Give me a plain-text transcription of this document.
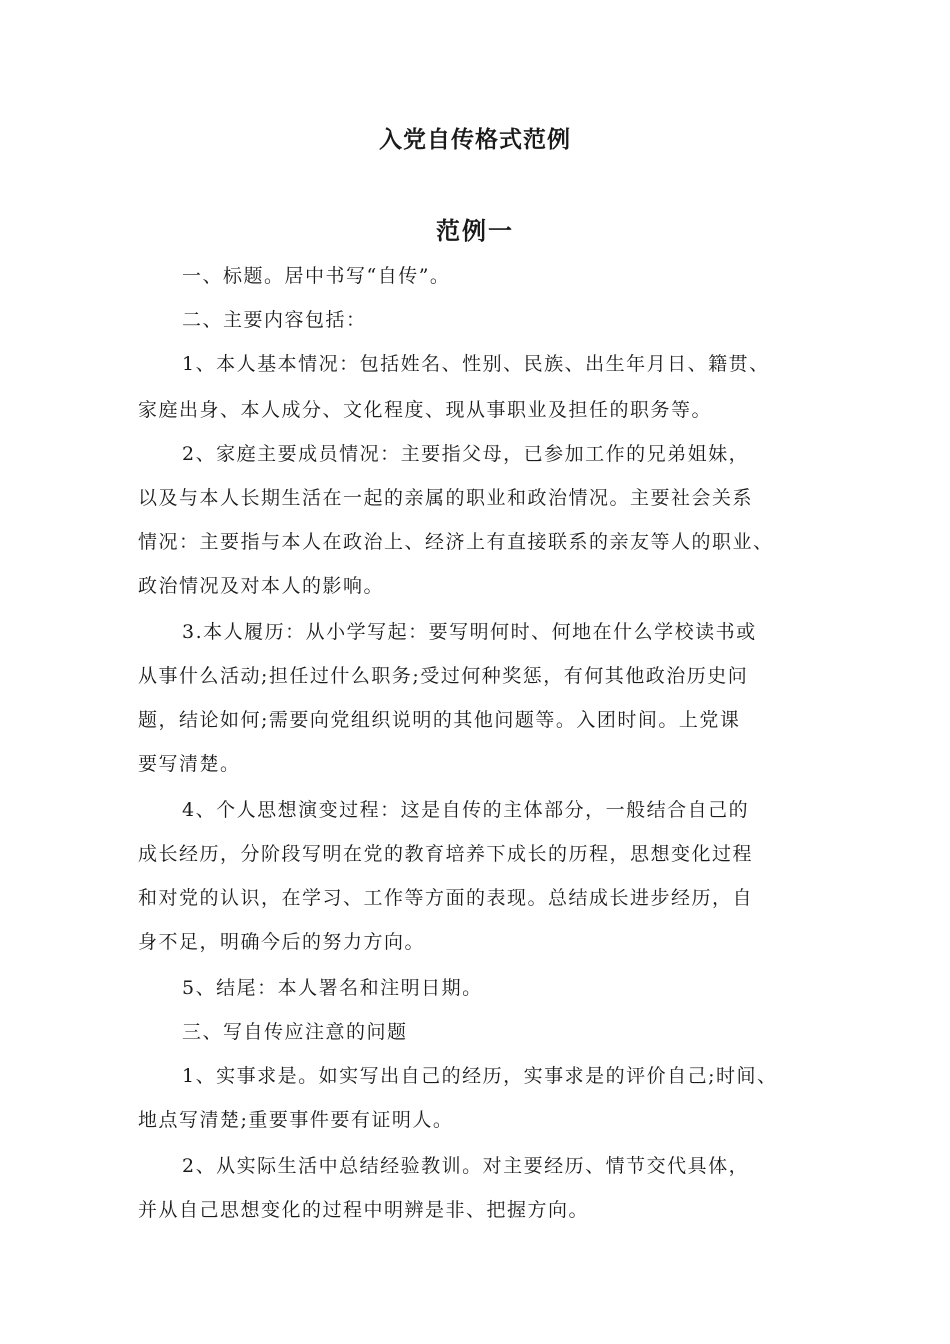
入党自传格式范例
范例一
一、标题。居中书写“自传”。
二、主要内容包括：
1、本人基本情况：包括姓名、性别、民族、出生年月日、籍贯、
家庭出身、本人成分、文化程度、现从事职业及担任的职务等。
2、家庭主要成员情况：主要指父母，已参加工作的兄弟姐妹，
以及与本人长期生活在一起的亲属的职业和政治情况。主要社会关系
情况：主要指与本人在政治上、经济上有直接联系的亲友等人的职业、
政治情况及对本人的影响。
3.本人履历：从小学写起：要写明何时、何地在什么学校读书或
从事什么活动;担任过什么职务;受过何种奖惩，有何其他政治历史问
题，结论如何;需要向党组织说明的其他问题等。入团时间。上党课
要写清楚。
4、个人思想演变过程：这是自传的主体部分，一般结合自己的
成长经历，分阶段写明在党的教育培养下成长的历程，思想变化过程
和对党的认识，在学习、工作等方面的表现。总结成长进步经历，自
身不足，明确今后的努力方向。
5、结尾：本人署名和注明日期。
三、写自传应注意的问题
1、实事求是。如实写出自己的经历，实事求是的评价自己;时间、
地点写清楚;重要事件要有证明人。
2、从实际生活中总结经验教训。对主要经历、情节交代具体，
并从自己思想变化的过程中明辨是非、把握方向。
